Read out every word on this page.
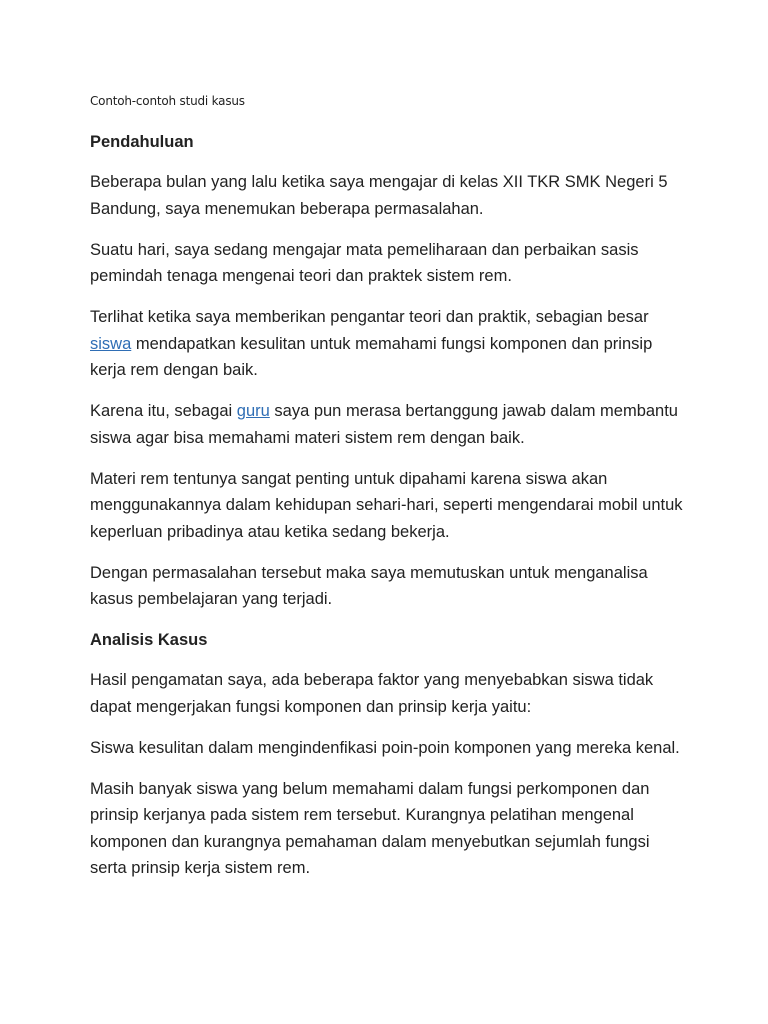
Contoh-contoh studi kasus
Pendahuluan

Beberapa bulan yang lalu ketika saya mengajar di kelas XII TKR SMK Negeri 5 Bandung, saya menemukan beberapa permasalahan.

Suatu hari, saya sedang mengajar mata pemeliharaan dan perbaikan sasis pemindah tenaga mengenai teori dan praktek sistem rem.

Terlihat ketika saya memberikan pengantar teori dan praktik, sebagian besar siswa mendapatkan kesulitan untuk memahami fungsi komponen dan prinsip kerja rem dengan baik.

Karena itu, sebagai guru saya pun merasa bertanggung jawab dalam membantu siswa agar bisa memahami materi sistem rem dengan baik.

Materi rem tentunya sangat penting untuk dipahami karena siswa akan menggunakannya dalam kehidupan sehari-hari, seperti mengendarai mobil untuk keperluan pribadinya atau ketika sedang bekerja.

Dengan permasalahan tersebut maka saya memutuskan untuk menganalisa kasus pembelajaran yang terjadi.

Analisis Kasus

Hasil pengamatan saya, ada beberapa faktor yang menyebabkan siswa tidak dapat mengerjakan fungsi komponen dan prinsip kerja yaitu:

Siswa kesulitan dalam mengindenfikasi poin-poin komponen yang mereka kenal.

Masih banyak siswa yang belum memahami dalam fungsi perkomponen dan prinsip kerjanya pada sistem rem tersebut. Kurangnya pelatihan mengenal komponen dan kurangnya pemahaman dalam menyebutkan sejumlah fungsi serta prinsip kerja sistem rem.
